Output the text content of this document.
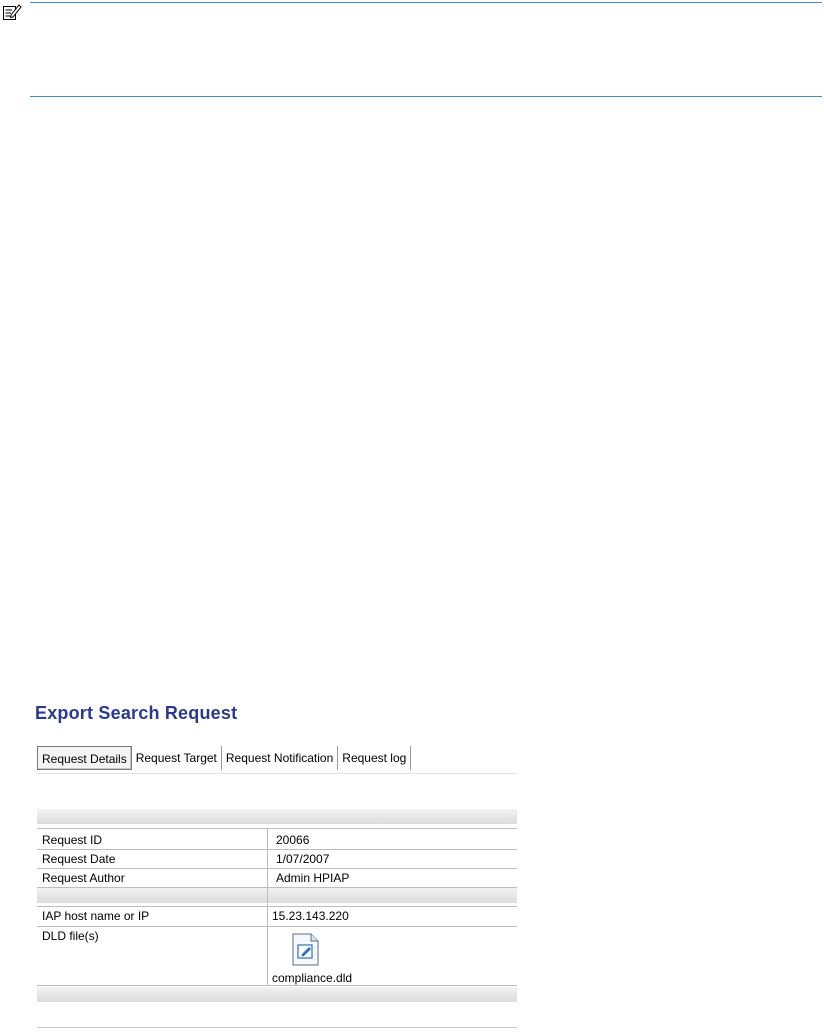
Export Search Request
Request Details Request Target Request Notification Request log
Request ID	20066
Request Date	1/07/2007
Request Author	Admin HPIAP
IAP host name or IP	15.23.143.220
DLD file(s)
compliance.dld
